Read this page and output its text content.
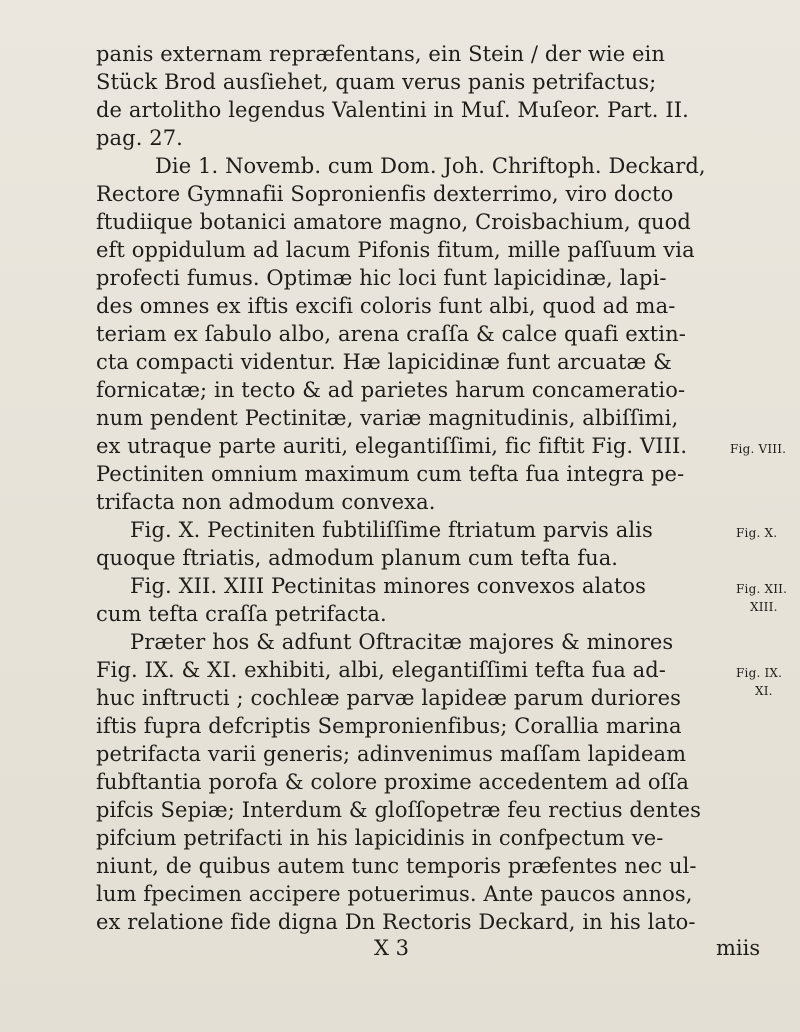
panis externam repræfentans, ein Stein / der wie ein
Stück Brod ausſiehet, quam verus panis petrifactus;
de artolitho legendus Valentini in Muſ. Muſeor. Part. II.
pag. 27.
Die 1. Novemb. cum Dom. Joh. Chriftoph. Deckard,
Rectore Gymnafii Sopronienfis dexterrimo, viro docto
ftudiique botanici amatore magno, Croisbachium, quod
eft oppidulum ad lacum Pifonis fitum, mille paſſuum via
profecti fumus. Optimæ hic loci funt lapicidinæ, lapi-
des omnes ex iftis excifi coloris funt albi, quod ad ma-
teriam ex ſabulo albo, arena craſſa & calce quafi extin-
cta compacti videntur. Hæ lapicidinæ funt arcuatæ &
fornicatæ; in tecto & ad parietes harum concameratio-
num pendent Pectinitæ, variæ magnitudinis, albiſſimi,
ex utraque parte auriti, elegantiſſimi, fic fiftit Fig. VIII.
Pectiniten omnium maximum cum tefta fua integra pe-
trifacta non admodum convexa.
Fig. X. Pectiniten fubtiliſſime ftriatum parvis alis
quoque ftriatis, admodum planum cum tefta fua.
Fig. XII. XIII Pectinitas minores convexos alatos
cum tefta craſſa petrifacta.
Præter hos & adfunt Oftracitæ majores & minores
Fig. IX. & XI. exhibiti, albi, elegantiſſimi tefta fua ad-
huc inftructi ; cochleæ parvæ lapideæ parum duriores
iftis fupra defcriptis Sempronienfibus; Corallia marina
petrifacta varii generis; adinvenimus maſſam lapideam
fubftantia porofa & colore proxime accedentem ad oſſa
pifcis Sepiæ; Interdum & gloſſopetræ feu rectius dentes
pifcium petrifacti in his lapicidinis in confpectum ve-
niunt, de quibus autem tunc temporis præfentes nec ul-
lum fpecimen accipere potuerimus. Ante paucos annos,
ex relatione fide digna Dn Rectoris Deckard, in his lato-
X 3	miis
Fig. VIII.
Fig. X.
Fig. XII.
XIII.
Fig. IX.
XI.
